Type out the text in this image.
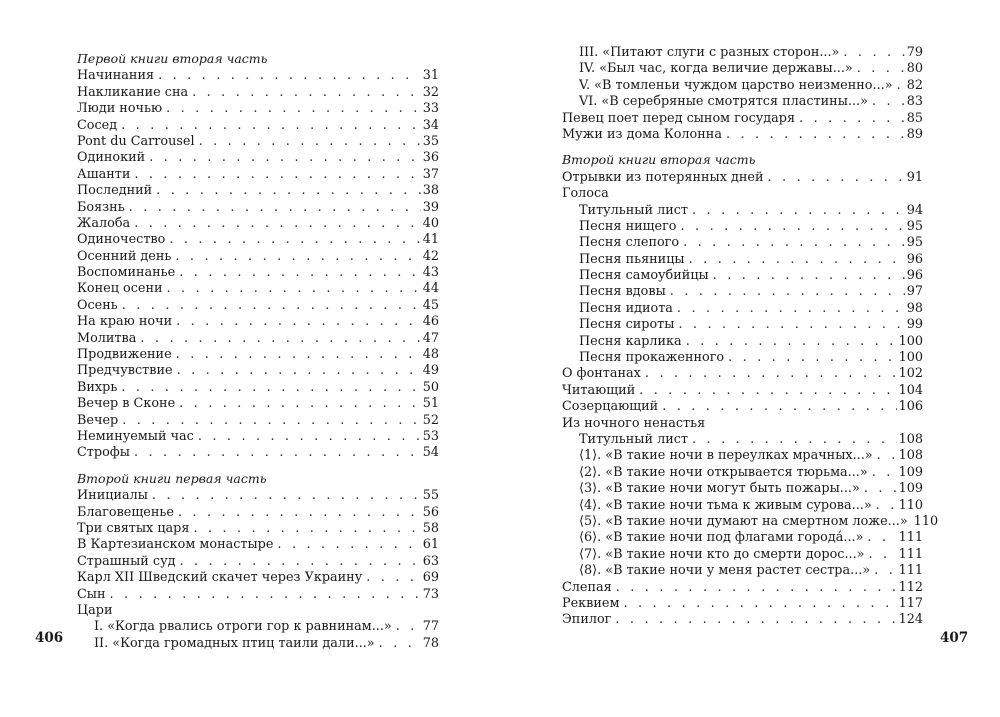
Первой книги вторая часть
Начинания . . .	31
Накликание сна . . .	32
Люди ночью . . .	33
Сосед . . .	34
Pont du Carrousel . . .	35
Одинокий . . .	36
Ашанти . . .	37
Последний . . .	38
Боязнь . . .	39
Жалоба . . .	40
Одиночество . . .	41
Осенний день . . .	42
Воспоминанье . . .	43
Конец осени . . .	44
Осень . . .	45
На краю ночи . . .	46
Молитва . . .	47
Продвижение . . .	48
Предчувствие . . .	49
Вихрь . . .	50
Вечер в Сконе . . .	51
Вечер . . .	52
Неминуемый час . . .	53
Строфы . . .	54
Второй книги первая часть
Инициалы . . .	55
Благовещенье . . .	56
Три святых царя . . .	58
В Картезианском монастыре . . .	61
Страшный суд . . .	63
Карл XII Шведский скачет через Украину . . .	69
Сын . . .	73
Цари
I. «Когда рвались отроги гор к равнинам...» . . . 77
II. «Когда громадных птиц таили дали...» . . .	78
406
III. «Питают слуги с разных сторон...» . . .	79
IV. «Был час, когда величие державы...» . . .	80
V. «В томленьи чуждом царство неизменно...» . . . 82
VI. «В серебряные смотрятся пластины...» . . .	83
Певец поет перед сыном государя . . .	85
Мужи из дома Колонна . . .	89
Второй книги вторая часть
Отрывки из потерянных дней . . .	91
Голоса
Титульный лист . . .	94
Песня нищего . . .	95
Песня слепого . . .	95
Песня пьяницы . . .	96
Песня самоубийцы . . .	96
Песня вдовы . . .	97
Песня идиота . . .	98
Песня сироты . . .	99
Песня карлика . . .	100
Песня прокаженного . . .	100
О фонтанах . . .	102
Читающий . . .	104
Созерцающий . . .	106
Из ночного ненастья
Титульный лист . . .	108
⟨1⟩. «В такие ночи в переулках мрачных...» . . . 108
⟨2⟩. «В такие ночи открывается тюрьма...» . . . 109
⟨3⟩. «В такие ночи могут быть пожары...» . . .	109
⟨4⟩. «В такие ночи тьма к живым сурова...» . . . 110
⟨5⟩. «В такие ночи думают на смертном ложе...» 110
⟨6⟩. «В такие ночи под флагами города́...» . . .	111
⟨7⟩. «В такие ночи кто до смерти дорос...» . . .	111
⟨8⟩. «В такие ночи у меня растет сестра...» . . . 111
Слепая . . .	112
Реквием . . .	117
Эпилог . . .	124
407
